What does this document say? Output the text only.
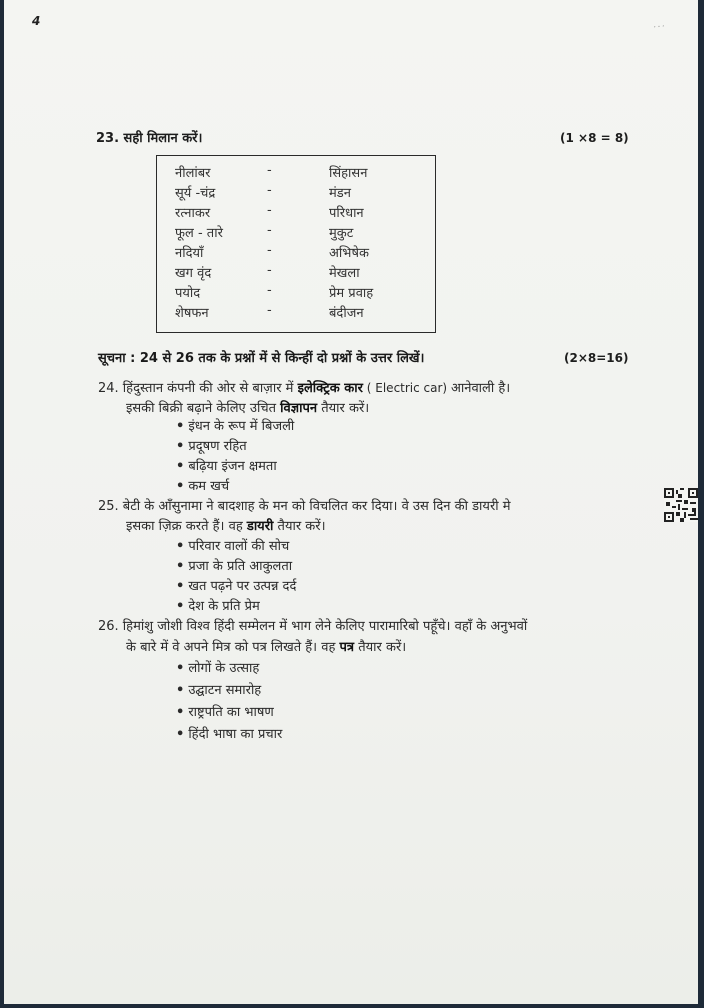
4	⋰
23. सही मिलान करें।	(1 ×8 = 8)
नीलांबर	-	सिंहासन
सूर्य -चंद्र	-	मंडन
रत्नाकर	-	परिधान
फूल - तारे	-	मुकुट
नदियाँ	-	अभिषेक
खग वृंद	-	मेखला
पयोद	-	प्रेम प्रवाह
शेषफन	-	बंदीजन
सूचना : 24 से 26 तक के प्रश्नों में से किन्हीं दो प्रश्नों के उत्तर लिखें।	(2×8=16)
24. हिंदुस्तान कंपनी की ओर से बाज़ार में इलेक्ट्रिक कार ( Electric car) आनेवाली है।
इसकी बिक्री बढ़ाने केलिए उचित विज्ञापन तैयार करें।
• इंधन के रूप में बिजली
• प्रदूषण रहित
• बढ़िया इंजन क्षमता
• कम खर्च
25. बेटी के आँसुनामा ने बादशाह के मन को विचलित कर दिया। वे उस दिन की डायरी मे
इसका ज़िक्र करते हैं। वह डायरी तैयार करें।
• परिवार वालों की सोच
• प्रजा के प्रति आकुलता
• खत पढ़ने पर उत्पन्न दर्द
• देश के प्रति प्रेम
26. हिमांशु जोशी विश्व हिंदी सम्मेलन में भाग लेने केलिए पारामारिबो पहूँचे। वहाँ के अनुभवों
के बारे में वे अपने मित्र को पत्र लिखते हैं। वह पत्र तैयार करें।
• लोगों के उत्साह
• उद्घाटन समारोह
• राष्ट्रपति का भाषण
• हिंदी भाषा का प्रचार
